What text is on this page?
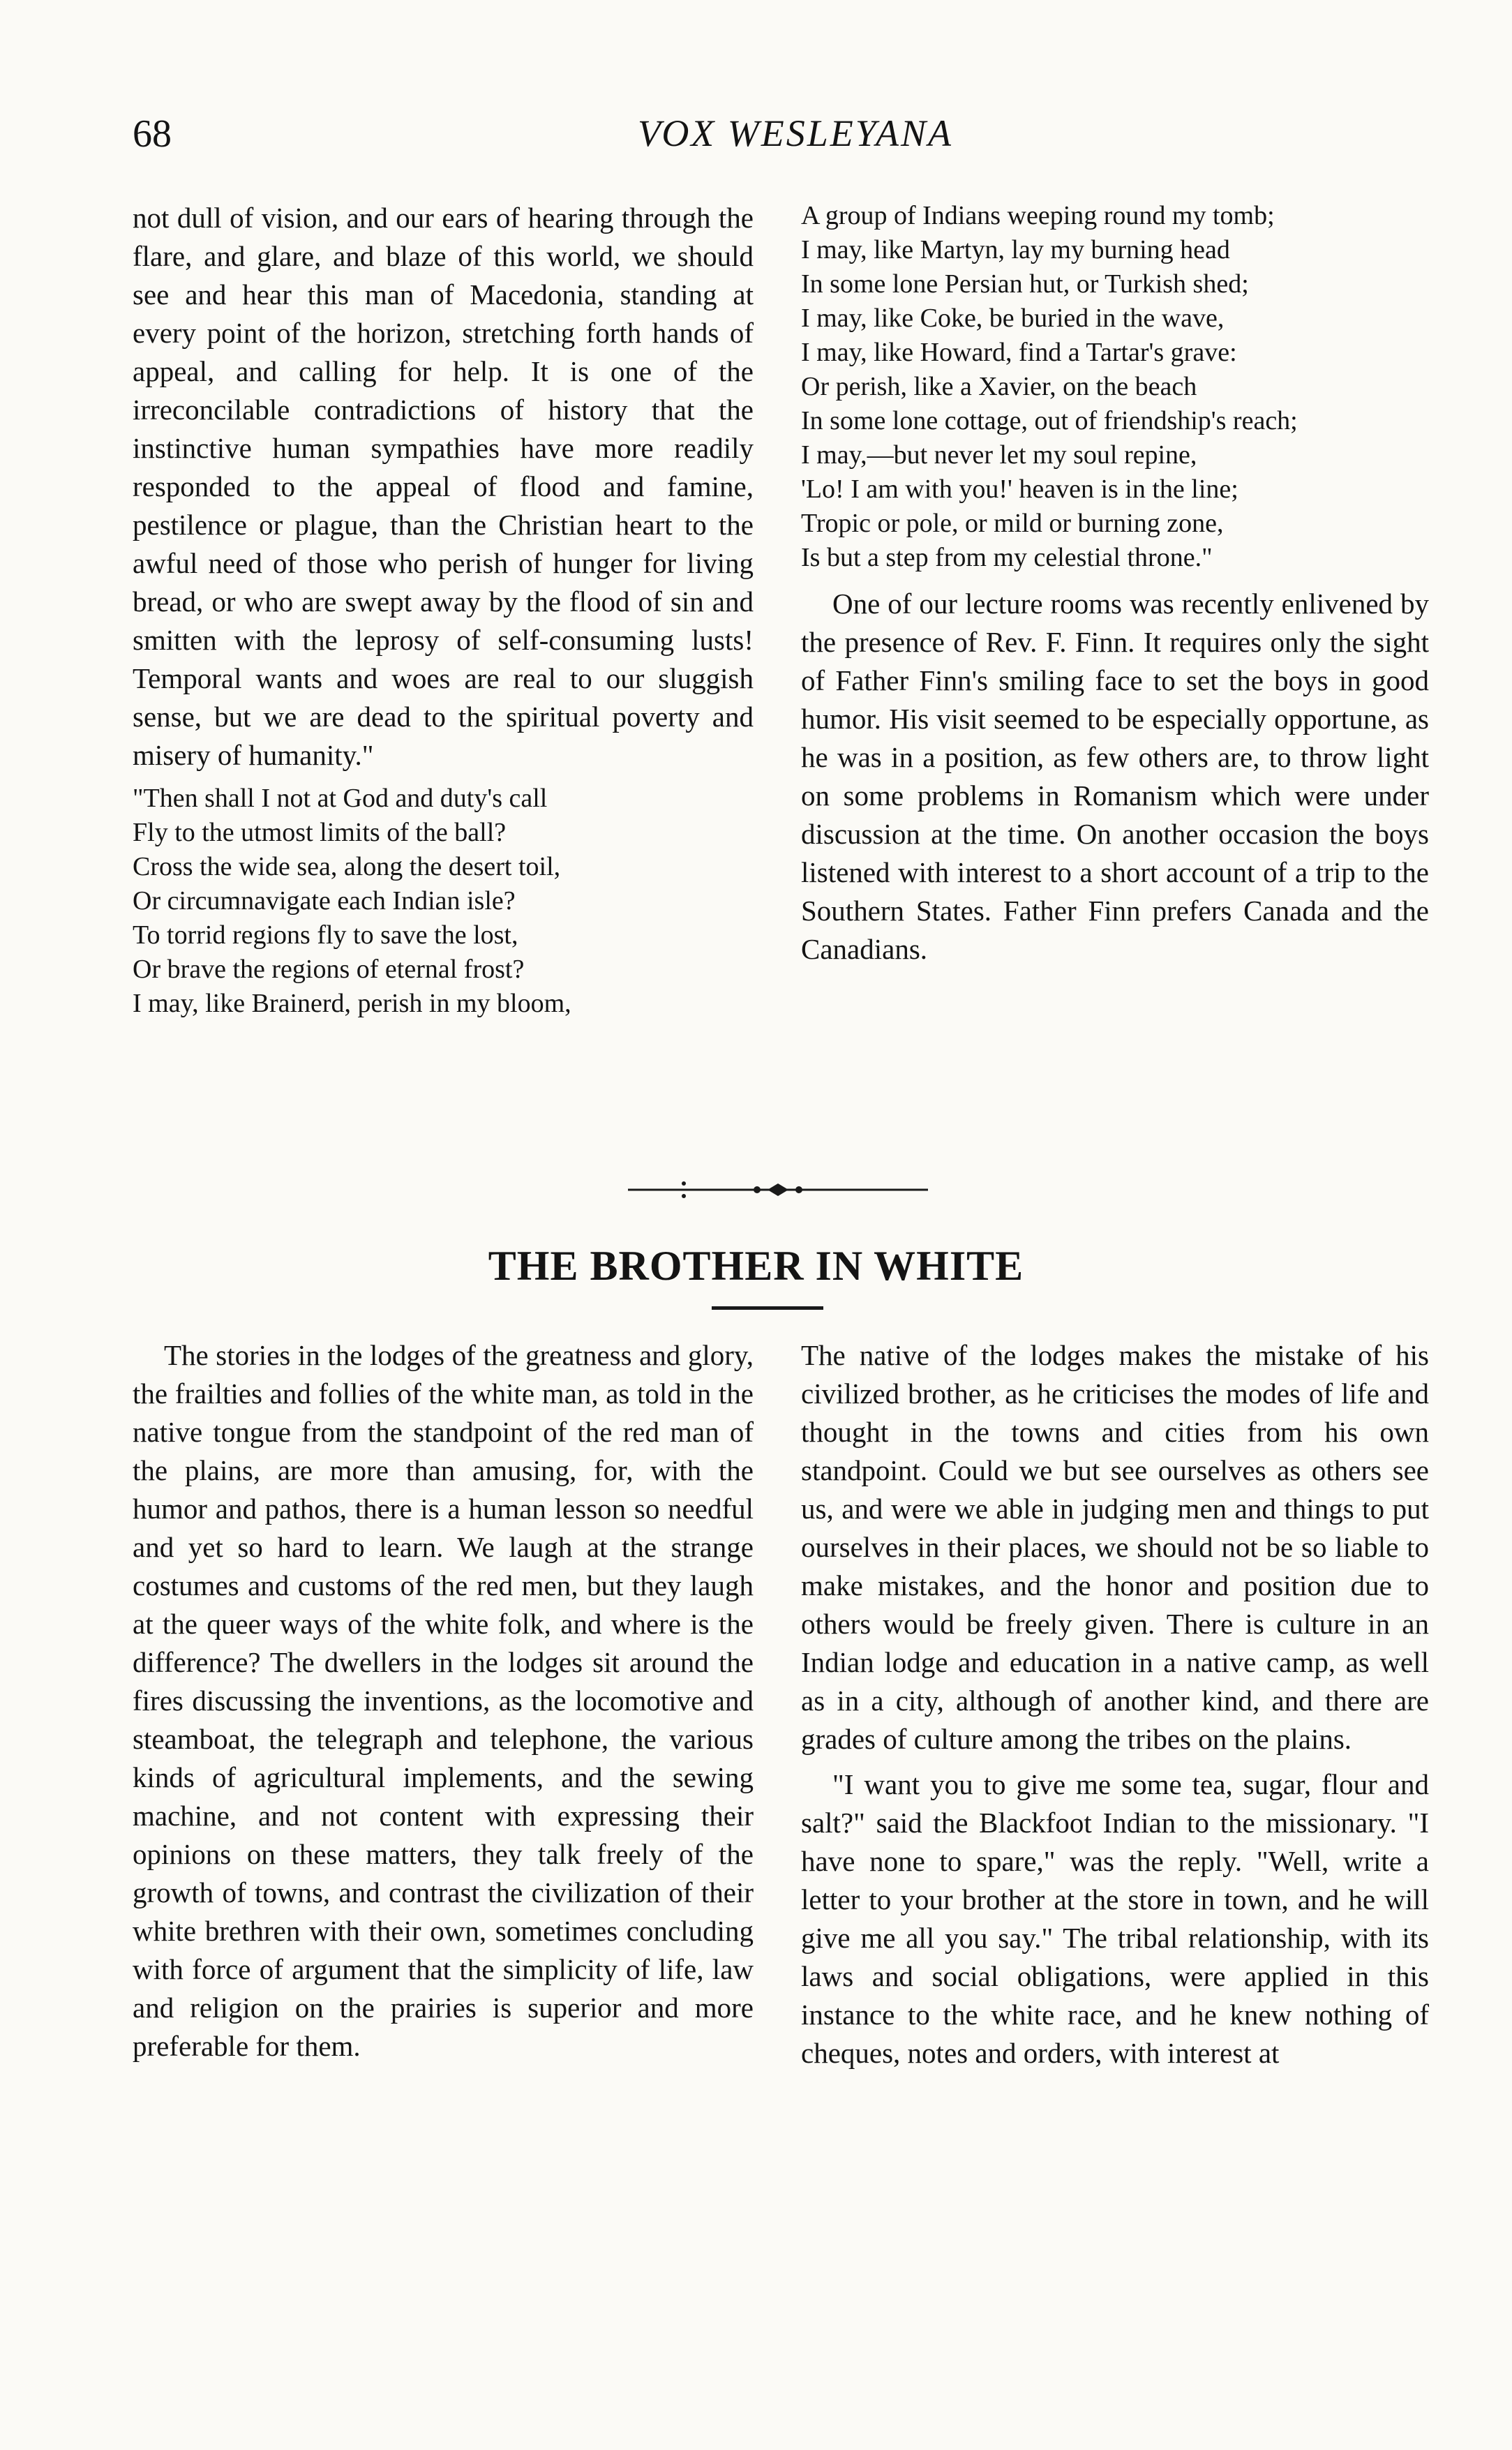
68	VOX WESLEYANA

not dull of vision, and our ears of hearing through the flare, and glare, and blaze of this world, we should see and hear this man of Macedonia, standing at every point of the horizon, stretching forth hands of appeal, and calling for help. It is one of the irreconcilable contradictions of history that the instinctive human sympathies have more readily responded to the appeal of flood and famine, pestilence or plague, than the Christian heart to the awful need of those who perish of hunger for living bread, or who are swept away by the flood of sin and smitten with the leprosy of self-consuming lusts! Temporal wants and woes are real to our sluggish sense, but we are dead to the spiritual poverty and misery of humanity."

"Then shall I not at God and duty's call
Fly to the utmost limits of the ball?
Cross the wide sea, along the desert toil,
Or circumnavigate each Indian isle?
To torrid regions fly to save the lost,
Or brave the regions of eternal frost?
I may, like Brainerd, perish in my bloom,
A group of Indians weeping round my tomb;
I may, like Martyn, lay my burning head
In some lone Persian hut, or Turkish shed;
I may, like Coke, be buried in the wave,
I may, like Howard, find a Tartar's grave:
Or perish, like a Xavier, on the beach
In some lone cottage, out of friendship's reach;
I may,—but never let my soul repine,
'Lo! I am with you!' heaven is in the line;
Tropic or pole, or mild or burning zone,
Is but a step from my celestial throne."

One of our lecture rooms was recently enlivened by the presence of Rev. F. Finn. It requires only the sight of Father Finn's smiling face to set the boys in good humor. His visit seemed to be especially opportune, as he was in a position, as few others are, to throw light on some problems in Romanism which were under discussion at the time. On another occasion the boys listened with interest to a short account of a trip to the Southern States. Father Finn prefers Canada and the Canadians.

THE BROTHER IN WHITE

The stories in the lodges of the greatness and glory, the frailties and follies of the white man, as told in the native tongue from the standpoint of the red man of the plains, are more than amusing, for, with the humor and pathos, there is a human lesson so needful and yet so hard to learn. We laugh at the strange costumes and customs of the red men, but they laugh at the queer ways of the white folk, and where is the difference? The dwellers in the lodges sit around the fires discussing the inventions, as the locomotive and steamboat, the telegraph and telephone, the various kinds of agricultural implements, and the sewing machine, and not content with expressing their opinions on these matters, they talk freely of the growth of towns, and contrast the civilization of their white brethren with their own, sometimes concluding with force of argument that the simplicity of life, law and religion on the prairies is superior and more preferable for them.

The native of the lodges makes the mistake of his civilized brother, as he criticises the modes of life and thought in the towns and cities from his own standpoint. Could we but see ourselves as others see us, and were we able in judging men and things to put ourselves in their places, we should not be so liable to make mistakes, and the honor and position due to others would be freely given. There is culture in an Indian lodge and education in a native camp, as well as in a city, although of another kind, and there are grades of culture among the tribes on the plains.

"I want you to give me some tea, sugar, flour and salt?" said the Blackfoot Indian to the missionary. "I have none to spare," was the reply. "Well, write a letter to your brother at the store in town, and he will give me all you say." The tribal relationship, with its laws and social obligations, were applied in this instance to the white race, and he knew nothing of cheques, notes and orders, with interest at
